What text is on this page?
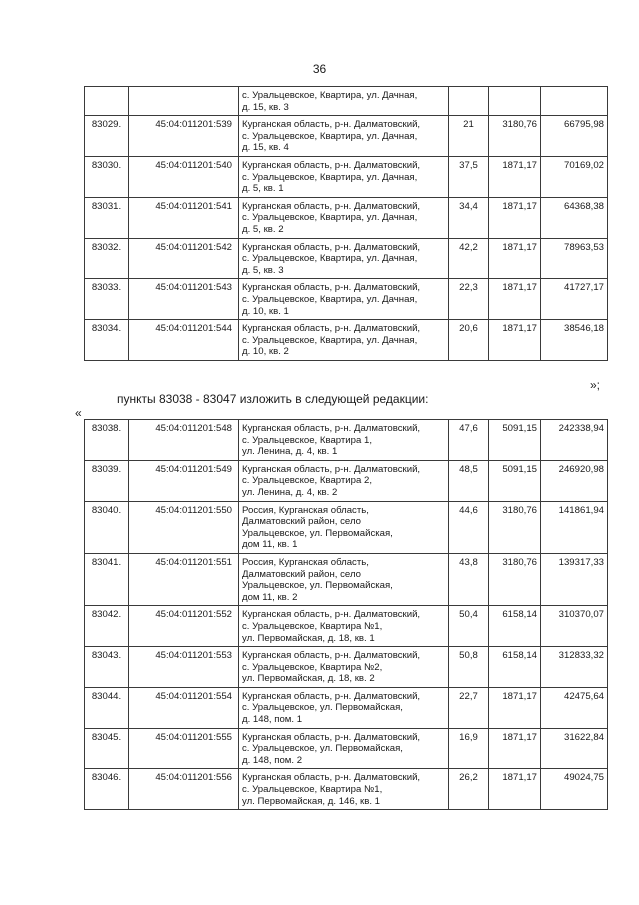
36

		с. Уральцевское, Квартира, ул. Дачная,
д. 15, кв. 3			

83029.	45:04:011201:539	Курганская область, р-н. Далматовский,
с. Уральцевское, Квартира, ул. Дачная,
д. 15, кв. 4	21	3180,76	66795,98
83030.	45:04:011201:540	Курганская область, р-н. Далматовский,
с. Уральцевское, Квартира, ул. Дачная,
д. 5, кв. 1	37,5	1871,17	70169,02
83031.	45:04:011201:541	Курганская область, р-н. Далматовский,
с. Уральцевское, Квартира, ул. Дачная,
д. 5, кв. 2	34,4	1871,17	64368,38
83032.	45:04:011201:542	Курганская область, р-н. Далматовский,
с. Уральцевское, Квартира, ул. Дачная,
д. 5, кв. 3	42,2	1871,17	78963,53
83033.	45:04:011201:543	Курганская область, р-н. Далматовский,
с. Уральцевское, Квартира, ул. Дачная,
д. 10, кв. 1	22,3	1871,17	41727,17
83034.	45:04:011201:544	Курганская область, р-н. Далматовский,
с. Уральцевское, Квартира, ул. Дачная,
д. 10, кв. 2	20,6	1871,17	38546,18
»;
пункты 83038 - 83047 изложить в следующей редакции:
«
83038.	45:04:011201:548	Курганская область, р-н. Далматовский,
с. Уральцевское, Квартира 1,
ул. Ленина, д. 4, кв. 1	47,6	5091,15	242338,94
83039.	45:04:011201:549	Курганская область, р-н. Далматовский,
с. Уральцевское, Квартира 2,
ул. Ленина, д. 4, кв. 2	48,5	5091,15	246920,98
83040.	45:04:011201:550	Россия, Курганская область,
Далматовский район, село
Уральцевское, ул. Первомайская,
дом 11, кв. 1	44,6	3180,76	141861,94
83041.	45:04:011201:551	Россия, Курганская область,
Далматовский район, село
Уральцевское, ул. Первомайская,
дом 11, кв. 2	43,8	3180,76	139317,33
83042.	45:04:011201:552	Курганская область, р-н. Далматовский,
с. Уральцевское, Квартира №1,
ул. Первомайская, д. 18, кв. 1	50,4	6158,14	310370,07
83043.	45:04:011201:553	Курганская область, р-н. Далматовский,
с. Уральцевское, Квартира №2,
ул. Первомайская, д. 18, кв. 2	50,8	6158,14	312833,32
83044.	45:04:011201:554	Курганская область, р-н. Далматовский,
с. Уральцевское, ул. Первомайская,
д. 148, пом. 1	22,7	1871,17	42475,64
83045.	45:04:011201:555	Курганская область, р-н. Далматовский,
с. Уральцевское, ул. Первомайская,
д. 148, пом. 2	16,9	1871,17	31622,84
83046.	45:04:011201:556	Курганская область, р-н. Далматовский,
с. Уральцевское, Квартира №1,
ул. Первомайская, д. 146, кв. 1	26,2	1871,17	49024,75
